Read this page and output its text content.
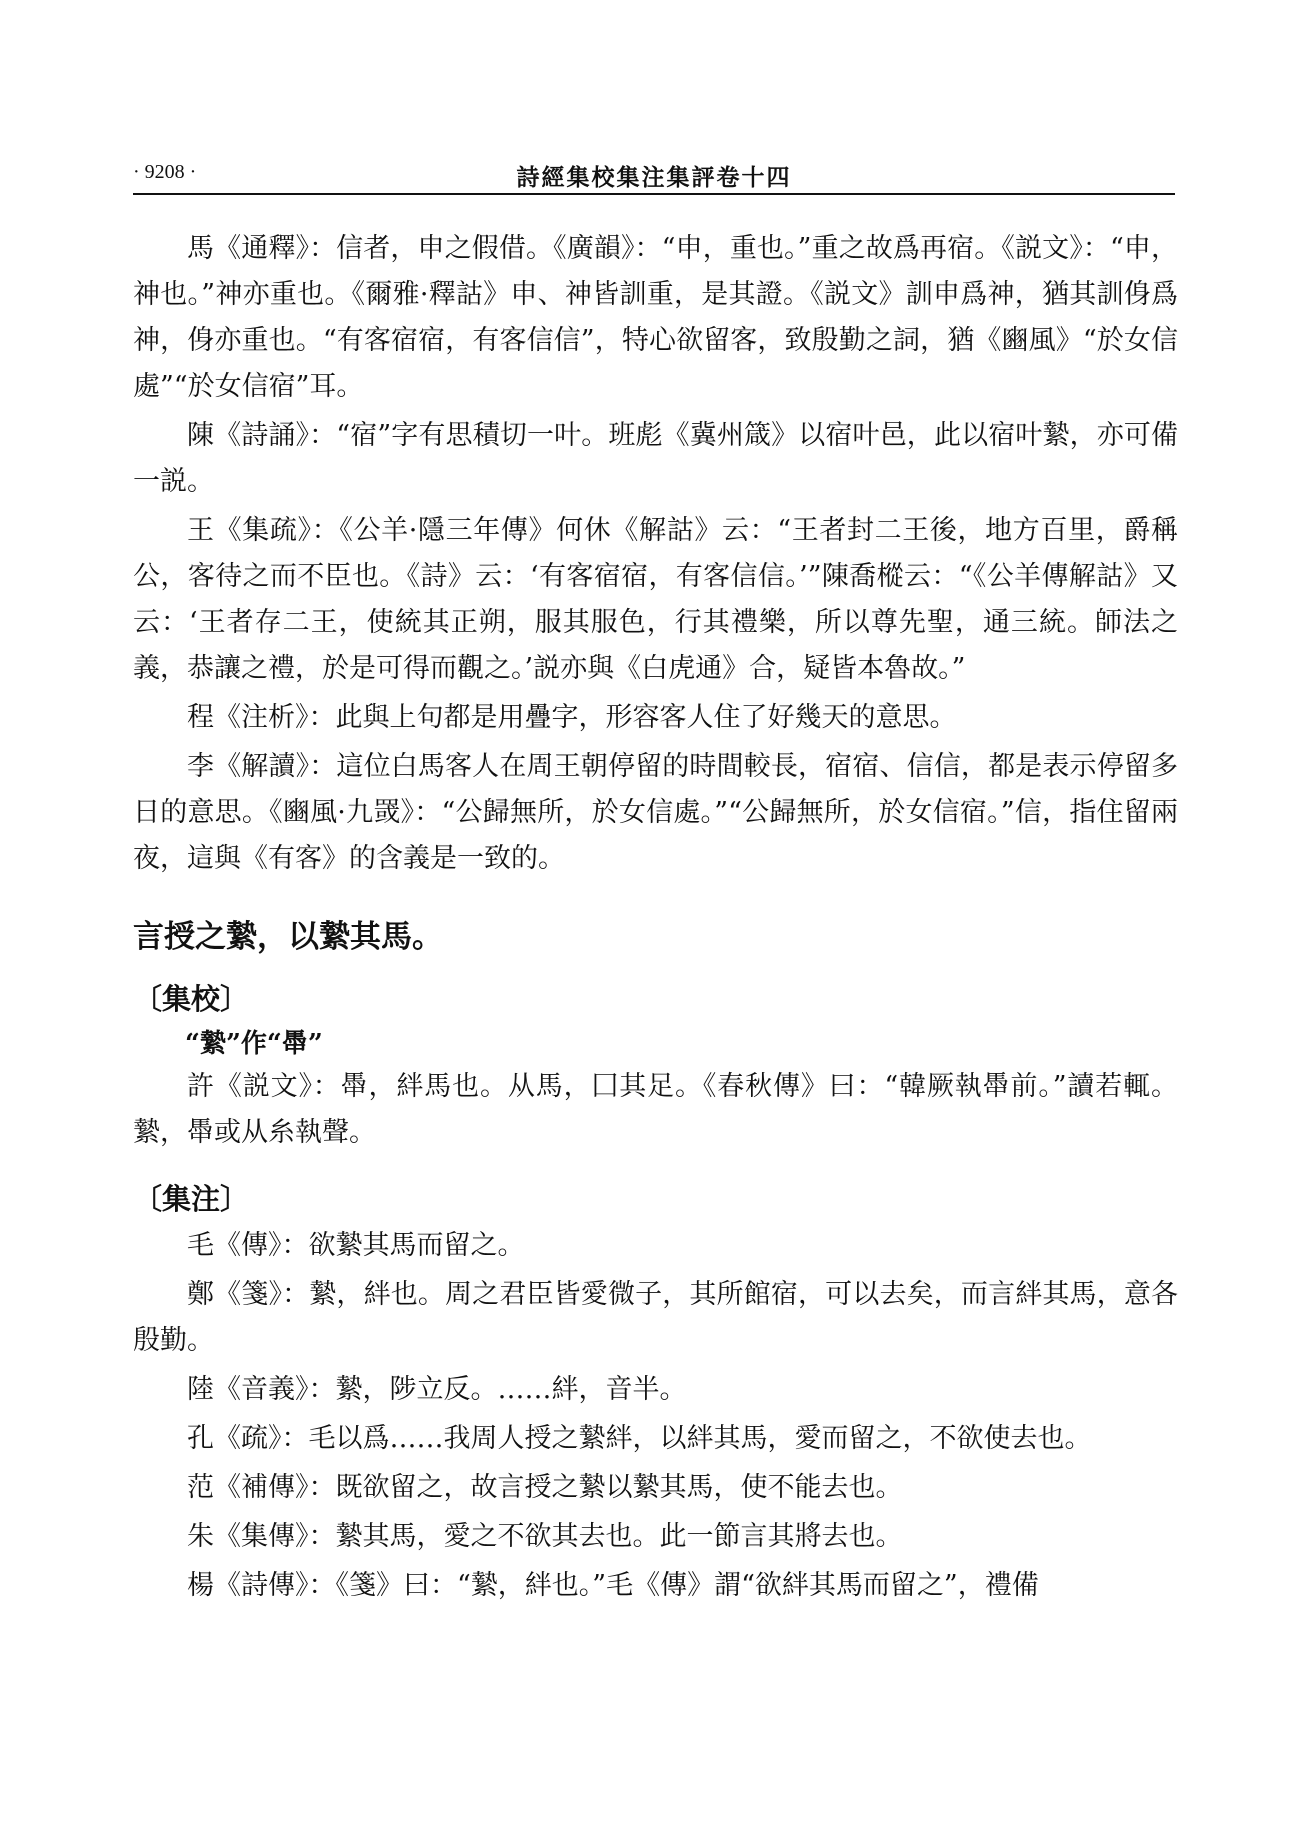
· 9208 ·	詩經集校集注集評卷十四

馬《通釋》：信者，申之假借。《廣韻》：“申，重也。”重之故爲再宿。《説文》：“申，神也。”神亦重也。《爾雅·釋詁》申、神皆訓重，是其證。《説文》訓申爲神，猶其訓㑗爲神，㑗亦重也。“有客宿宿，有客信信”，特心欲留客，致殷勤之詞，猶《豳風》“於女信處”“於女信宿”耳。

陳《詩誦》：“宿”字有思積切一叶。班彪《冀州箴》以宿叶邑，此以宿叶縶，亦可備一説。

王《集疏》：《公羊·隱三年傳》何休《解詁》云：“王者封二王後，地方百里，爵稱公，客待之而不臣也。《詩》云：‘有客宿宿，有客信信。’”陳喬樅云：“《公羊傳解詁》又云：‘王者存二王，使統其正朔，服其服色，行其禮樂，所以尊先聖，通三統。師法之義，恭讓之禮，於是可得而觀之。’説亦與《白虎通》合，疑皆本魯故。”

程《注析》：此與上句都是用疊字，形容客人住了好幾天的意思。

李《解讀》：這位白馬客人在周王朝停留的時間較長，宿宿、信信，都是表示停留多日的意思。《豳風·九罭》：“公歸無所，於女信處。”“公歸無所，於女信宿。”信，指住留兩夜，這與《有客》的含義是一致的。

言授之縶，以縶其馬。
〔集校〕
“縶”作“馽”

許《説文》：馽，絆馬也。从馬，囗其足。《春秋傳》曰：“韓厥執馽前。”讀若輒。縶，馽或从糸執聲。

〔集注〕

毛《傳》：欲縶其馬而留之。

鄭《箋》：縶，絆也。周之君臣皆愛微子，其所館宿，可以去矣，而言絆其馬，意各殷勤。

陸《音義》：縶，陟立反。……絆，音半。

孔《疏》：毛以爲……我周人授之縶絆，以絆其馬，愛而留之，不欲使去也。

范《補傳》：既欲留之，故言授之縶以縶其馬，使不能去也。

朱《集傳》：縶其馬，愛之不欲其去也。此一節言其將去也。

楊《詩傳》：《箋》曰：“縶，絆也。”毛《傳》謂“欲絆其馬而留之”，禮備
